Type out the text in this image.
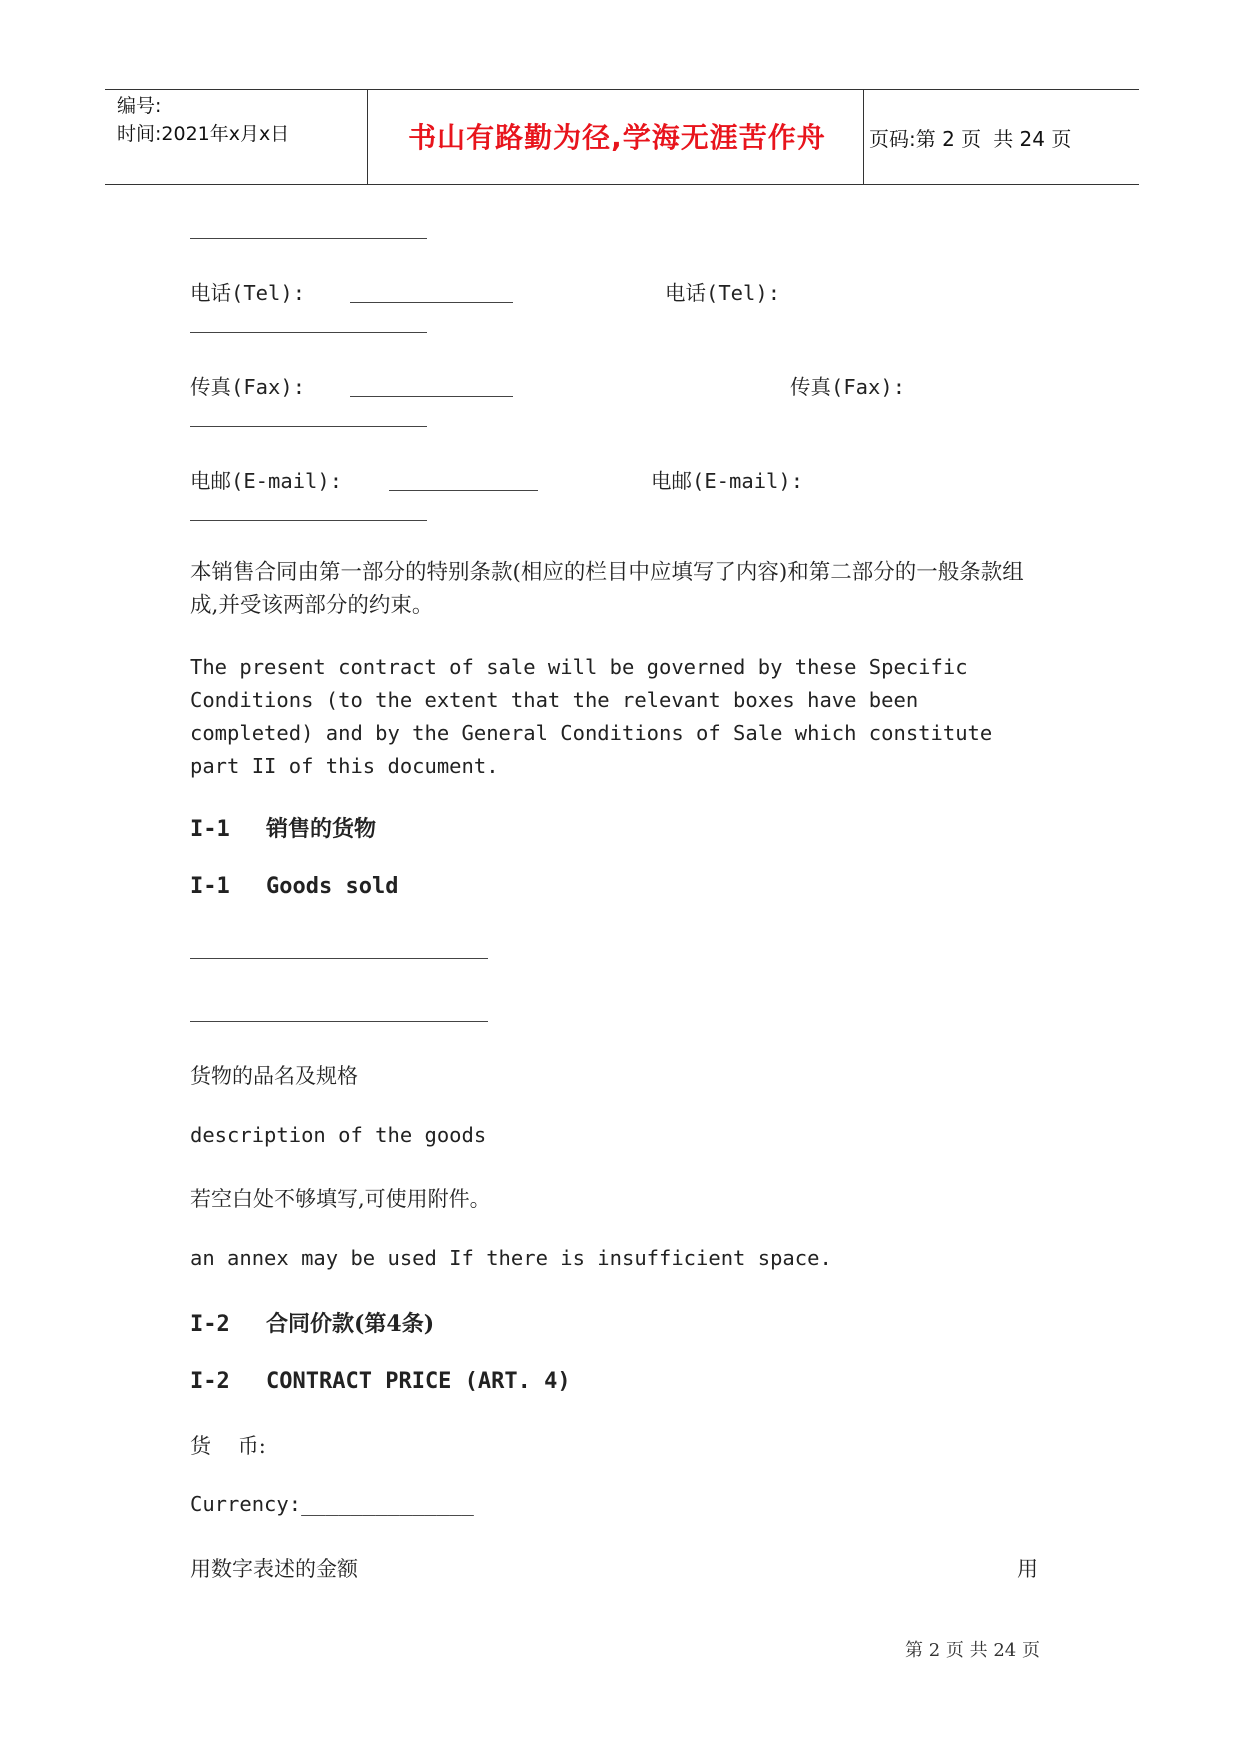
编号:
时间:2021年x月x日	书山有路勤为径,学海无涯苦作舟	页码:第 2 页 共 24 页
电话(Tel):	电话(Tel):
传真(Fax):	传真(Fax):
电邮(E-mail):	电邮(E-mail):
本销售合同由第一部分的特别条款(相应的栏目中应填写了内容)和第二部分的一般条款组成,并受该两部分的约束。
The present contract of sale will be governed by these Specific Conditions (to the extent that the relevant boxes have been completed) and by the General Conditions of Sale which constitute part II of this document.
I-1 销售的货物
I-1 Goods sold
货物的品名及规格
description of the goods
若空白处不够填写,可使用附件。
an annex may be used If there is insufficient space.
I-2 合同价款(第4条)
I-2 CONTRACT PRICE (ART. 4)
货    币:
Currency:______________
用数字表述的金额	用
第 2 页 共 24 页
